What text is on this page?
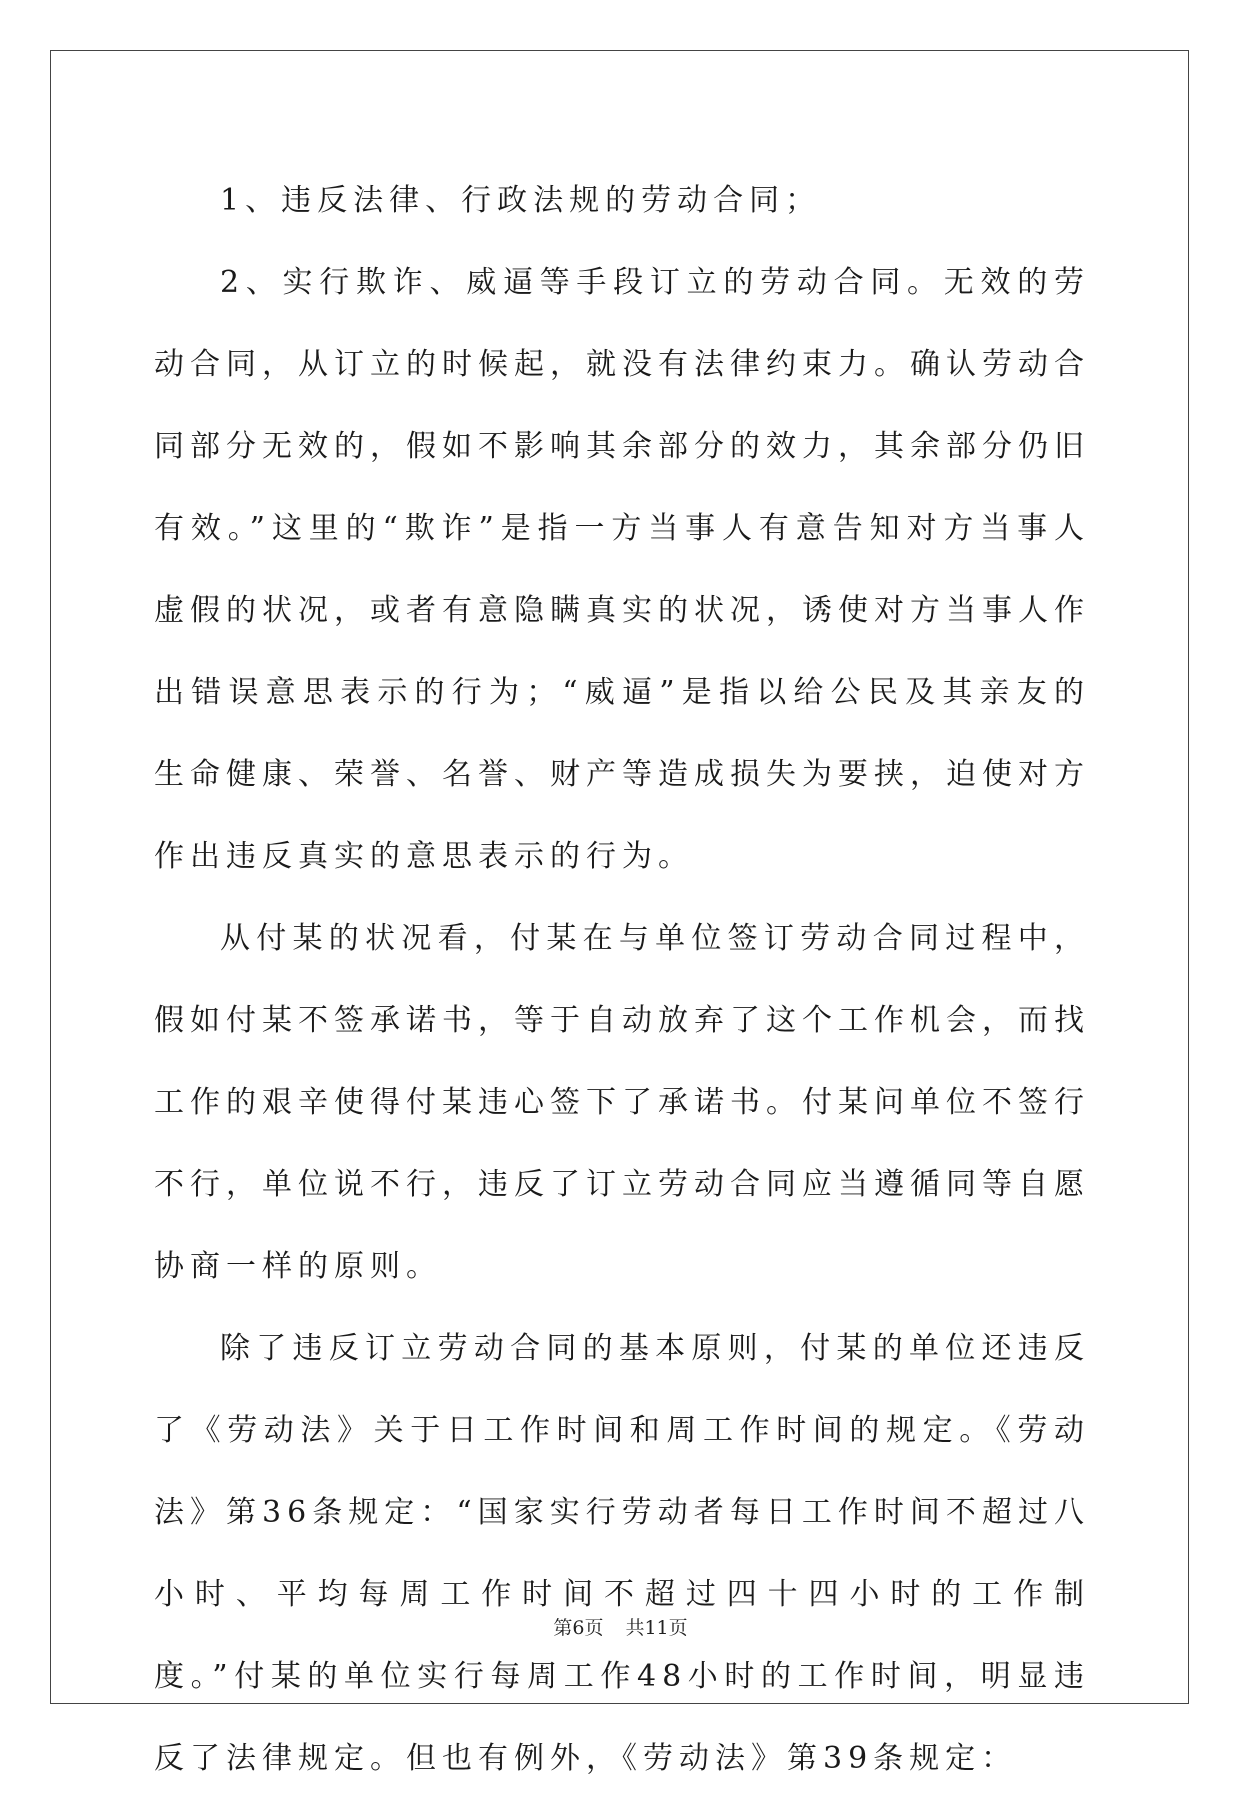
1、违反法律、行政法规的劳动合同；

2、实行欺诈、威逼等手段订立的劳动合同。无效的劳动合同，从订立的时候起，就没有法律约束力。确认劳动合同部分无效的，假如不影响其余部分的效力，其余部分仍旧有效。”这里的“欺诈”是指一方当事人有意告知对方当事人虚假的状况，或者有意隐瞒真实的状况，诱使对方当事人作出错误意思表示的行为；“威逼”是指以给公民及其亲友的生命健康、荣誉、名誉、财产等造成损失为要挟，迫使对方作出违反真实的意思表示的行为。

从付某的状况看，付某在与单位签订劳动合同过程中，假如付某不签承诺书，等于自动放弃了这个工作机会，而找工作的艰辛使得付某违心签下了承诺书。付某问单位不签行不行，单位说不行，违反了订立劳动合同应当遵循同等自愿协商一样的原则。

除了违反订立劳动合同的基本原则，付某的单位还违反了《劳动法》关于日工作时间和周工作时间的规定。《劳动法》第36条规定：“国家实行劳动者每日工作时间不超过八小时、平均每周工作时间不超过四十四小时的工作制度。”付某的单位实行每周工作48小时的工作时间，明显违反了法律规定。但也有例外，《劳动法》第39条规定：

第6页 共11页
